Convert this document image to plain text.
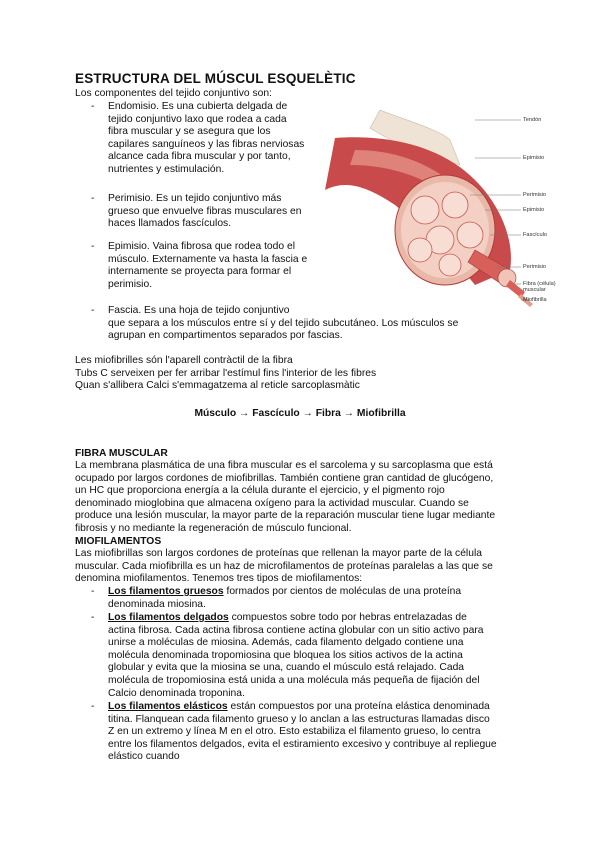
ESTRUCTURA DEL MÚSCUL ESQUELÈTIC
Los componentes del tejido conjuntivo son:
- Endomisio. Es una cubierta delgada de
tejido conjuntivo laxo que rodea a cada
fibra muscular y se asegura que los
capilares sanguíneos y las fibras nerviosas
alcance cada fibra muscular y por tanto,
nutrientes y estimulación.
- Perimisio. Es un tejido conjuntivo más
grueso que envuelve fibras musculares en
haces llamados fascículos.
- Epimisio. Vaina fibrosa que rodea todo el
músculo. Externamente va hasta la fascia e
internamente se proyecta para formar el
perimisio.
- Fascia. Es una hoja de tejido conjuntivo
que separa a los músculos entre sí y del tejido subcutáneo. Los músculos se
agrupan en compartimentos separados por fascias.
Tendón
Epimisio
Perimisio
Epimisio
Fascículo
Perimisio
Fibra (célula) muscular
Miofibrilla
Les miofibrilles són l'aparell contràctil de la fibra
Tubs C serveixen per fer arribar l'estímul fins l'interior de les fibres
Quan s'allibera Calci s'emmagatzema al reticle sarcoplasmàtic
Músculo → Fascículo → Fibra → Miofibrilla
FIBRA MUSCULAR
La membrana plasmática de una fibra muscular es el sarcolema y su sarcoplasma que está
ocupado por largos cordones de miofibrillas. También contiene gran cantidad de glucógeno,
un HC que proporciona energía a la célula durante el ejercicio, y el pigmento rojo
denominado mioglobina que almacena oxígeno para la actividad muscular. Cuando se
produce una lesión muscular, la mayor parte de la reparación muscular tiene lugar mediante
fibrosis y no mediante la regeneración de músculo funcional.
MIOFILAMENTOS
Las miofibrillas son largos cordones de proteínas que rellenan la mayor parte de la célula
muscular. Cada miofibrilla es un haz de microfilamentos de proteínas paralelas a las que se
denomina miofilamentos. Tenemos tres tipos de miofilamentos:
- Los filamentos gruesos formados por cientos de moléculas de una proteína
denominada miosina.
- Los filamentos delgados compuestos sobre todo por hebras entrelazadas de
actina fibrosa. Cada actina fibrosa contiene actina globular con un sitio activo para
unirse a moléculas de miosina. Además, cada filamento delgado contiene una
molécula denominada tropomiosina que bloquea los sitios activos de la actina
globular y evita que la miosina se una, cuando el músculo está relajado. Cada
molécula de tropomiosina está unida a una molécula más pequeña de fijación del
Calcio denominada troponina.
- Los filamentos elásticos están compuestos por una proteína elástica denominada
titina. Flanquean cada filamento grueso y lo anclan a las estructuras llamadas disco
Z en un extremo y línea M en el otro. Esto estabiliza el filamento grueso, lo centra
entre los filamentos delgados, evita el estiramiento excesivo y contribuye al repliegue
elástico cuando
